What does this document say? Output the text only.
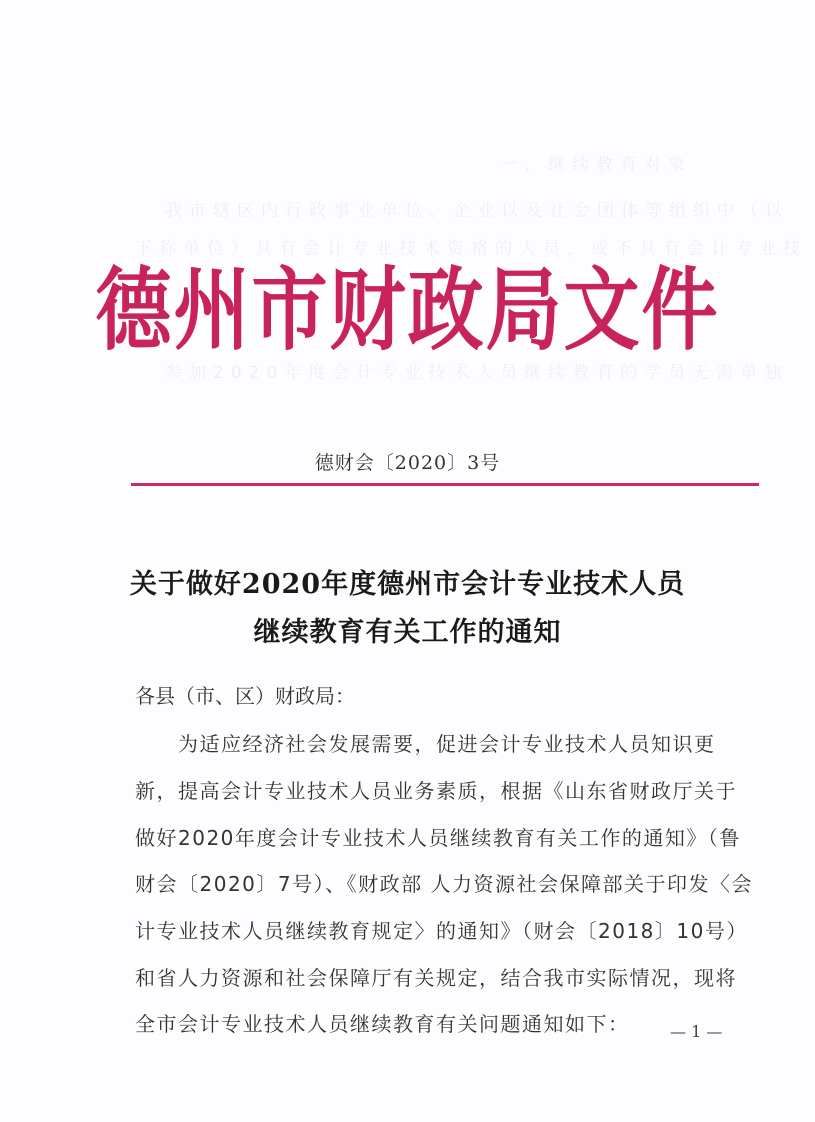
一、继续教育对象
我市辖区内行政事业单位、企业以及社会团体等组织中（以
下称单位）具有会计专业技术资格的人员，或不具有会计专业技
参加2020年度会计专业技术人员继续教育的学员无需单独
德州市财政局文件
德财会〔2020〕3号
关于做好2020年度德州市会计专业技术人员
继续教育有关工作的通知
各县（市、区）财政局：
　　为适应经济社会发展需要，促进会计专业技术人员知识更
新，提高会计专业技术人员业务素质，根据《山东省财政厅关于
做好2020年度会计专业技术人员继续教育有关工作的通知》（鲁
财会〔2020〕7号）、《财政部 人力资源社会保障部关于印发〈会
计专业技术人员继续教育规定〉的通知》（财会〔2018〕10号）
和省人力资源和社会保障厅有关规定，结合我市实际情况，现将
全市会计专业技术人员继续教育有关问题通知如下：	— 1 —
